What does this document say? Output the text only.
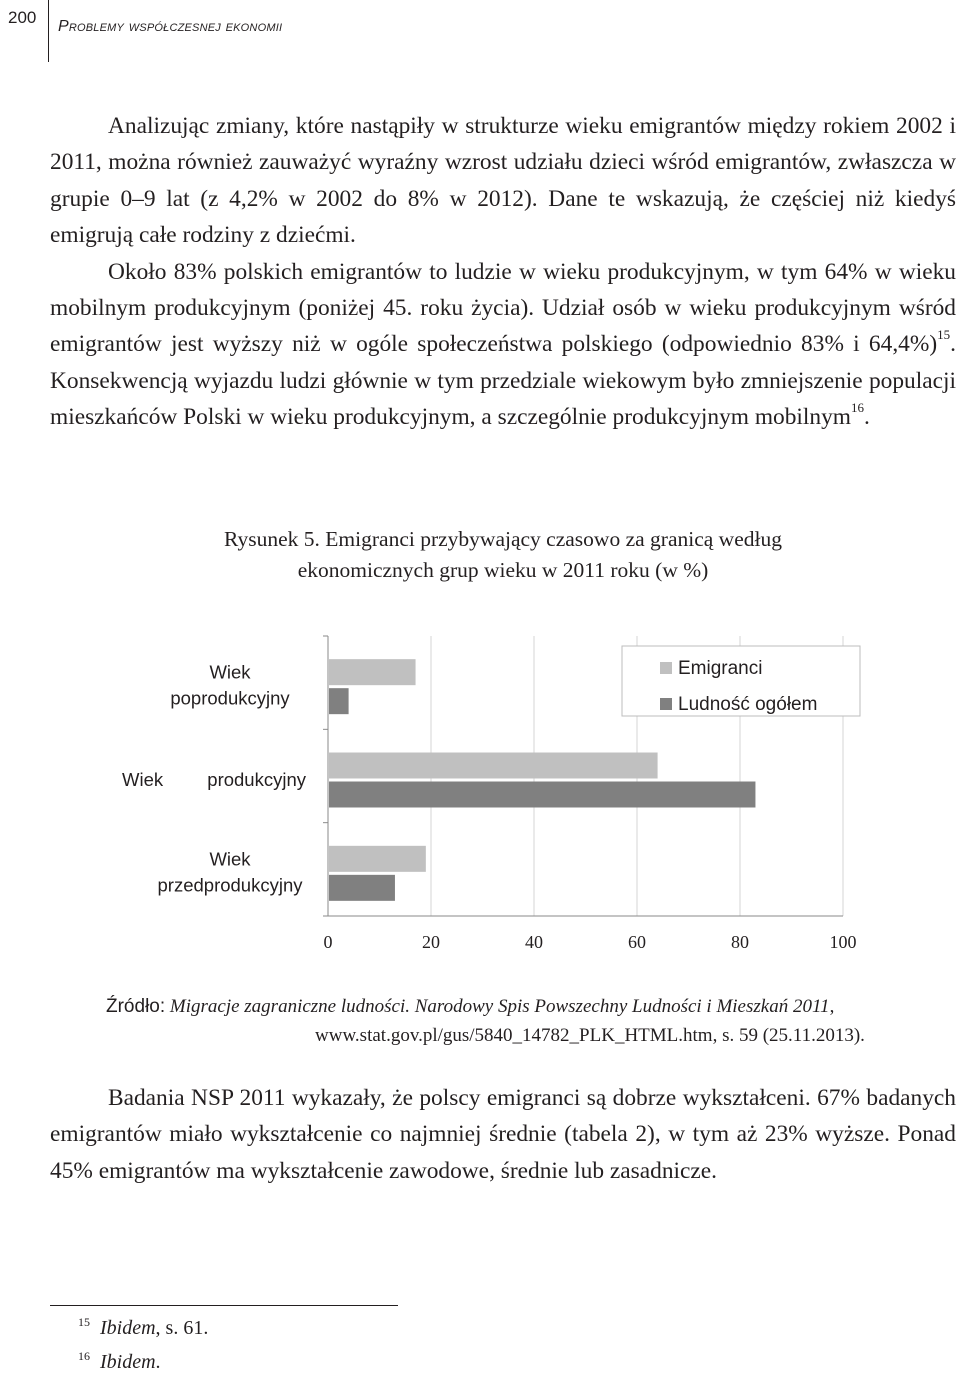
200 Problemy współczesnej ekonomii

Analizując zmiany, które nastąpiły w strukturze wieku emigrantów między rokiem 2002 i 2011, można również zauważyć wyraźny wzrost udziału dzieci wśród emigrantów, zwłaszcza w grupie 0–9 lat (z 4,2% w 2002 do 8% w 2012). Dane te wskazują, że częściej niż kiedyś emigrują całe rodziny z dziećmi.

Około 83% polskich emigrantów to ludzie w wieku produkcyjnym, w tym 64% w wieku mobilnym produkcyjnym (poniżej 45. roku życia). Udział osób w wieku produkcyjnym wśród emigrantów jest wyższy niż w ogóle społeczeństwa polskiego (odpowiednio 83% i 64,4%)$^{15}$. Konsekwencją wyjazdu ludzi głównie w tym przedziale wiekowym było zmniejszenie populacji mieszkańców Polski w wieku produkcyjnym, a szczególnie produkcyjnym mobilnym$^{16}$.

Rysunek 5. Emigranci przybywający czasowo za granicą według
ekonomicznych grup wieku w 2011 roku (w %)
0	20	40	60	80	100
Wiek
poprodukcyjny
produkcyjny
Wiek
Wiek
przedprodukcyjny
Emigranci
Ludność ogółem
Źródło: Migracje zagraniczne ludności. Narodowy Spis Powszechny Ludności i Mieszkań 2011,
www.stat.gov.pl/gus/5840_14782_PLK_HTML.htm, s. 59 (25.11.2013).

Badania NSP 2011 wykazały, że polscy emigranci są dobrze wykształceni. 67% badanych emigrantów miało wykształcenie co najmniej średnie (tabela 2), w tym aż 23% wyższe. Ponad 45% emigrantów ma wykształcenie zawodowe, średnie lub zasadnicze.

$^{15}$ Ibidem, s. 61.
$^{16}$ Ibidem.
